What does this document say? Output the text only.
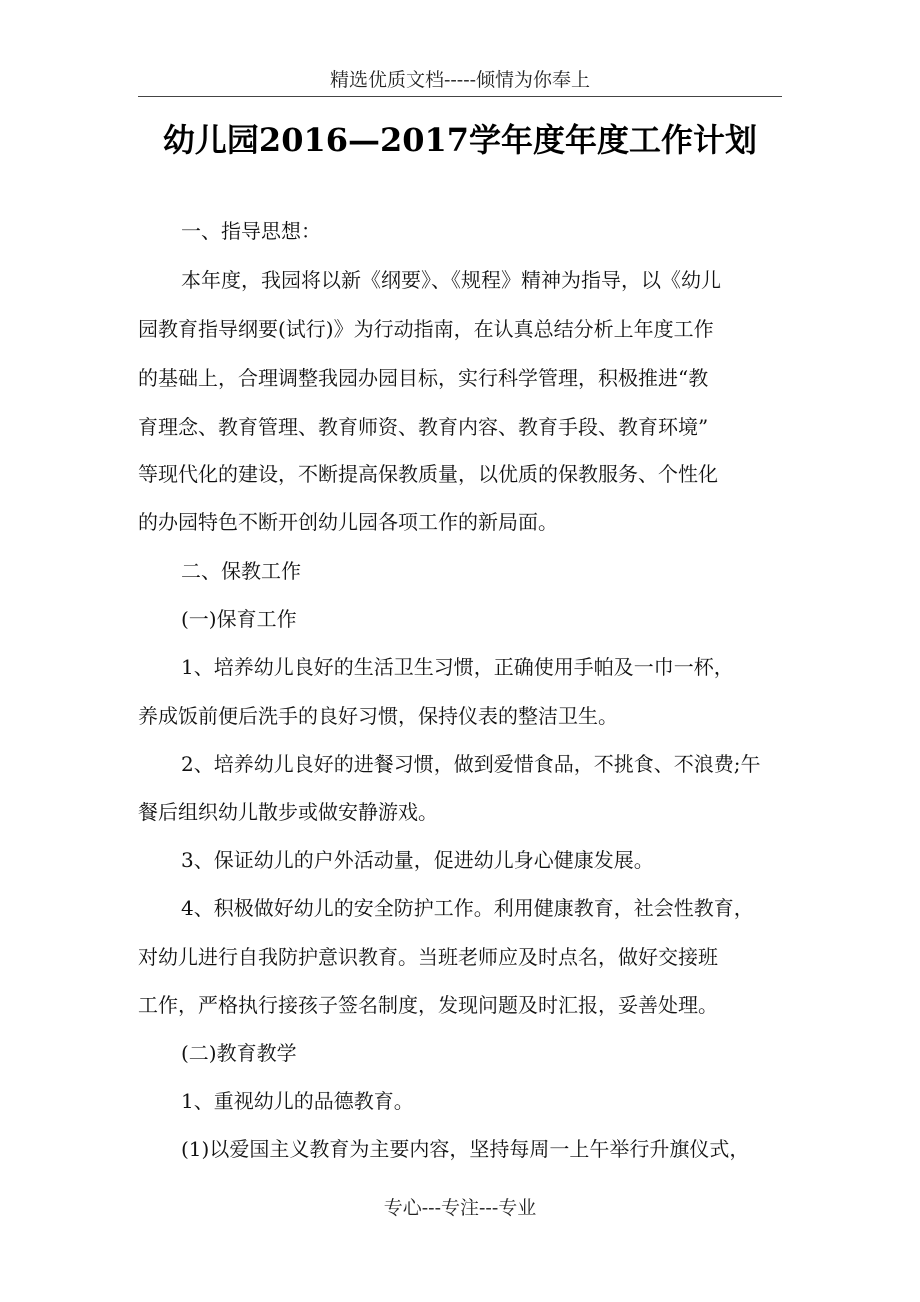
精选优质文档-----倾情为你奉上
幼儿园2016—2017学年度年度工作计划
一、指导思想：
本年度，我园将以新《纲要》、《规程》精神为指导，以《幼儿
园教育指导纲要(试行)》为行动指南，在认真总结分析上年度工作
的基础上，合理调整我园办园目标，实行科学管理，积极推进“教
育理念、教育管理、教育师资、教育内容、教育手段、教育环境”
等现代化的建设，不断提高保教质量，以优质的保教服务、个性化
的办园特色不断开创幼儿园各项工作的新局面。
二、保教工作
(一)保育工作
1、培养幼儿良好的生活卫生习惯，正确使用手帕及一巾一杯，
养成饭前便后洗手的良好习惯，保持仪表的整洁卫生。
2、培养幼儿良好的进餐习惯，做到爱惜食品，不挑食、不浪费;午
餐后组织幼儿散步或做安静游戏。
3、保证幼儿的户外活动量，促进幼儿身心健康发展。
4、积极做好幼儿的安全防护工作。利用健康教育，社会性教育，
对幼儿进行自我防护意识教育。当班老师应及时点名，做好交接班
工作，严格执行接孩子签名制度，发现问题及时汇报，妥善处理。
(二)教育教学
1、重视幼儿的品德教育。
(1)以爱国主义教育为主要内容，坚持每周一上午举行升旗仪式，
专心---专注---专业
